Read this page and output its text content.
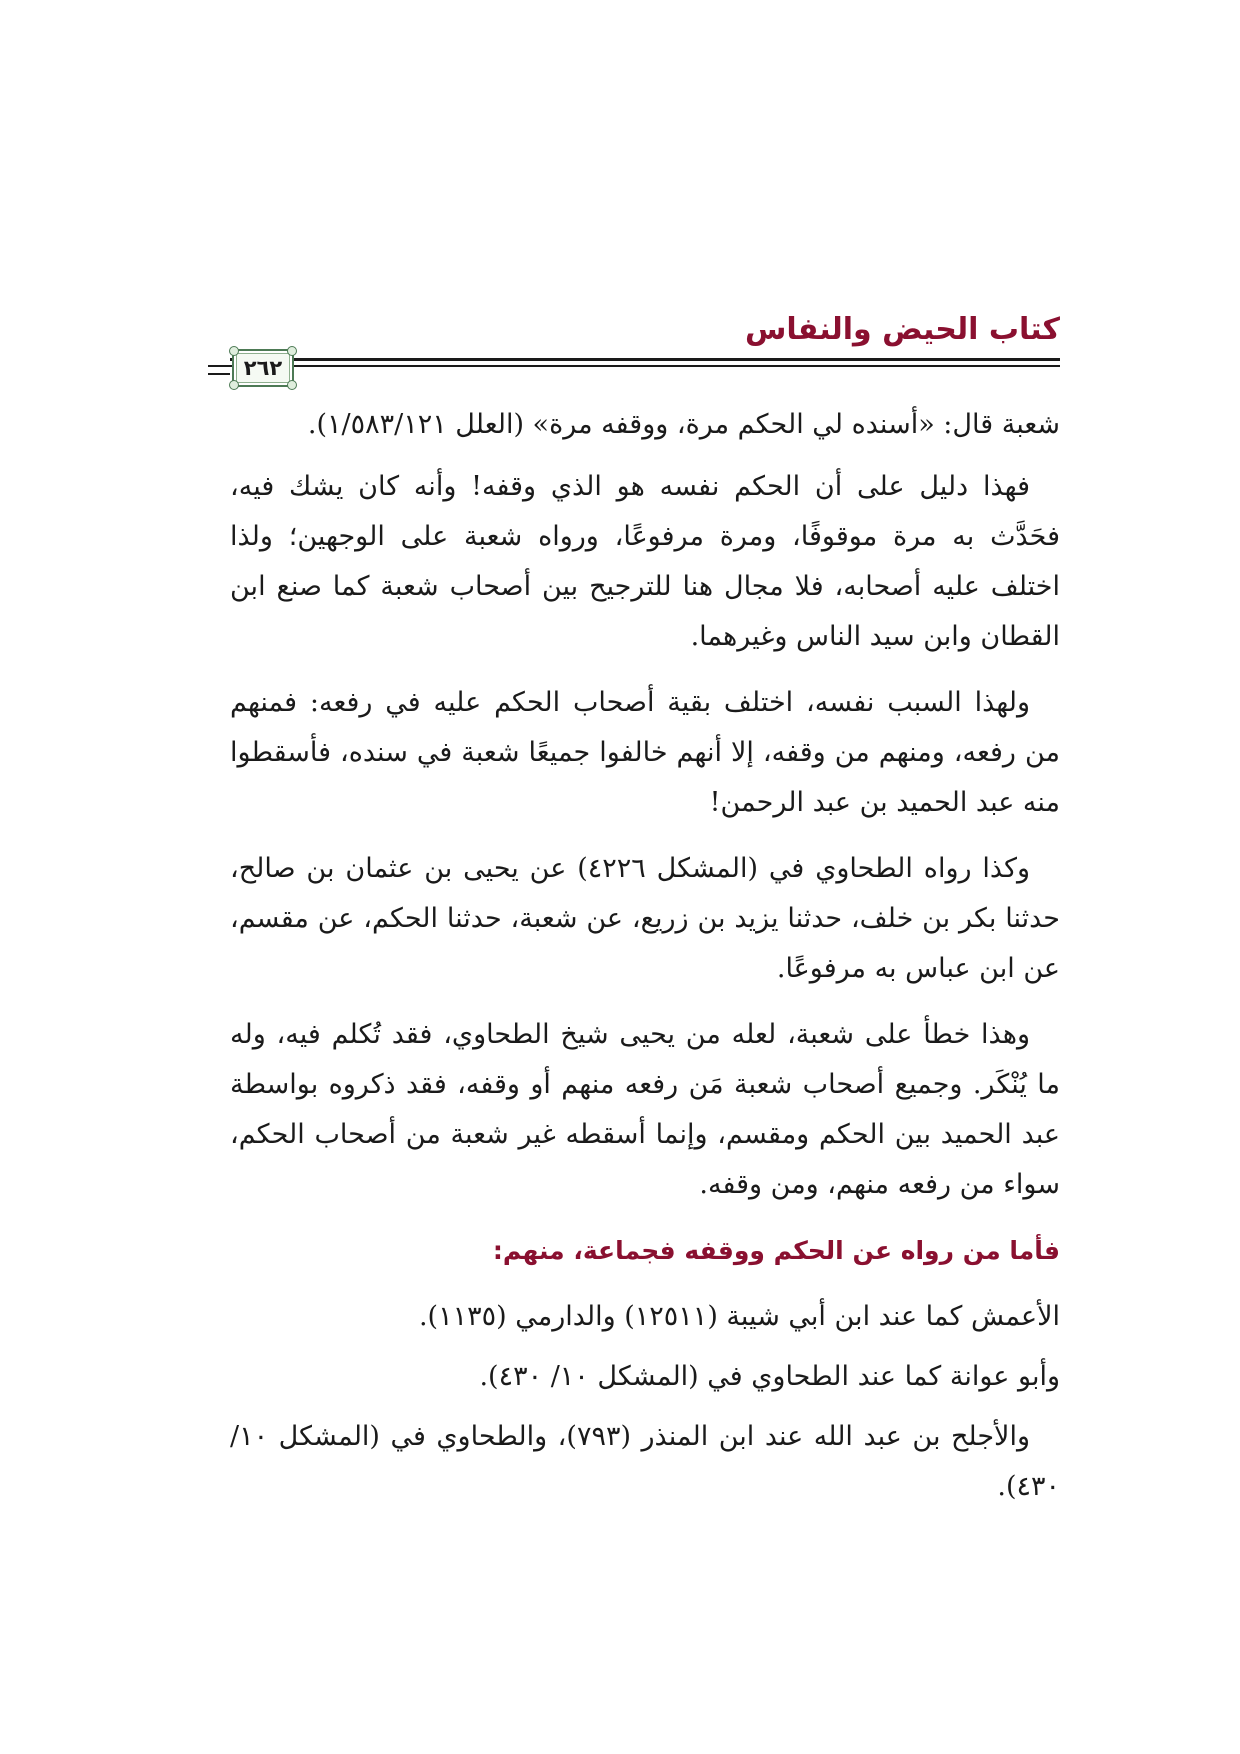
كتاب الحيض والنفاس
٢٦٢

شعبة قال: «أسنده لي الحكم مرة، ووقفه مرة» (العلل ١/٥٨٣/١٢١).

فهذا دليل على أن الحكم نفسه هو الذي وقفه! وأنه كان يشك فيه، فحَدَّث به مرة موقوفًا، ومرة مرفوعًا، ورواه شعبة على الوجهين؛ ولذا اختلف عليه أصحابه، فلا مجال هنا للترجيح بين أصحاب شعبة كما صنع ابن القطان وابن سيد الناس وغيرهما.

ولهذا السبب نفسه، اختلف بقية أصحاب الحكم عليه في رفعه: فمنهم من رفعه، ومنهم من وقفه، إلا أنهم خالفوا جميعًا شعبة في سنده، فأسقطوا منه عبد الحميد بن عبد الرحمن!

وكذا رواه الطحاوي في (المشكل ٤٢٢٦) عن يحيى بن عثمان بن صالح، حدثنا بكر بن خلف، حدثنا يزيد بن زريع، عن شعبة، حدثنا الحكم، عن مقسم، عن ابن عباس به مرفوعًا.

وهذا خطأ على شعبة، لعله من يحيى شيخ الطحاوي، فقد تُكلم فيه، وله ما يُنْكَر. وجميع أصحاب شعبة مَن رفعه منهم أو وقفه، فقد ذكروه بواسطة عبد الحميد بين الحكم ومقسم، وإنما أسقطه غير شعبة من أصحاب الحكم، سواء من رفعه منهم، ومن وقفه.

فأما من رواه عن الحكم ووقفه فجماعة، منهم:

الأعمش كما عند ابن أبي شيبة (١٢٥١١) والدارمي (١١٣٥).

وأبو عوانة كما عند الطحاوي في (المشكل ١٠/ ٤٣٠).

والأجلح بن عبد الله عند ابن المنذر (٧٩٣)، والطحاوي في (المشكل ١٠/ ٤٣٠).
